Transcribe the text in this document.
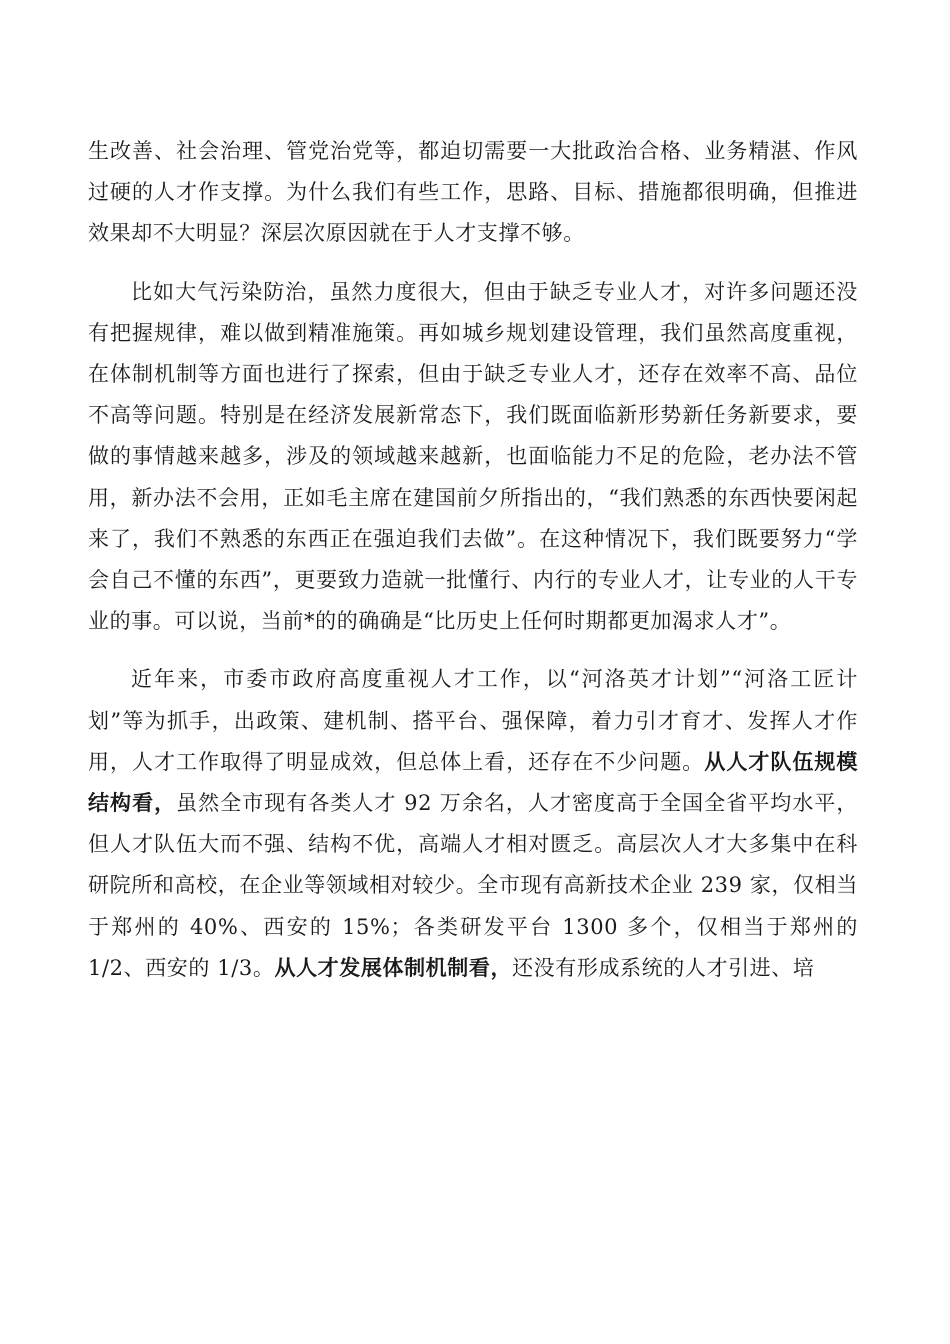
生改善、社会治理、管党治党等，都迫切需要一大批政治合格、业务精湛、作风过硬的人才作支撑。为什么我们有些工作，思路、目标、措施都很明确，但推进效果却不大明显？深层次原因就在于人才支撑不够。

比如大气污染防治，虽然力度很大，但由于缺乏专业人才，对许多问题还没有把握规律，难以做到精准施策。再如城乡规划建设管理，我们虽然高度重视，在体制机制等方面也进行了探索，但由于缺乏专业人才，还存在效率不高、品位不高等问题。特别是在经济发展新常态下，我们既面临新形势新任务新要求，要做的事情越来越多，涉及的领域越来越新，也面临能力不足的危险，老办法不管用，新办法不会用，正如毛主席在建国前夕所指出的，“我们熟悉的东西快要闲起来了，我们不熟悉的东西正在强迫我们去做”。在这种情况下，我们既要努力“学会自己不懂的东西”，更要致力造就一批懂行、内行的专业人才，让专业的人干专业的事。可以说，当前*的的确确是“比历史上任何时期都更加渴求人才”。

近年来，市委市政府高度重视人才工作，以“河洛英才计划”“河洛工匠计划”等为抓手，出政策、建机制、搭平台、强保障，着力引才育才、发挥人才作用，人才工作取得了明显成效，但总体上看，还存在不少问题。从人才队伍规模结构看，虽然全市现有各类人才 92 万余名，人才密度高于全国全省平均水平，但人才队伍大而不强、结构不优，高端人才相对匮乏。高层次人才大多集中在科研院所和高校，在企业等领域相对较少。全市现有高新技术企业 239 家，仅相当于郑州的 40%、西安的 15%；各类研发平台 1300 多个，仅相当于郑州的 1/2、西安的 1/3。从人才发展体制机制看，还没有形成系统的人才引进、培
